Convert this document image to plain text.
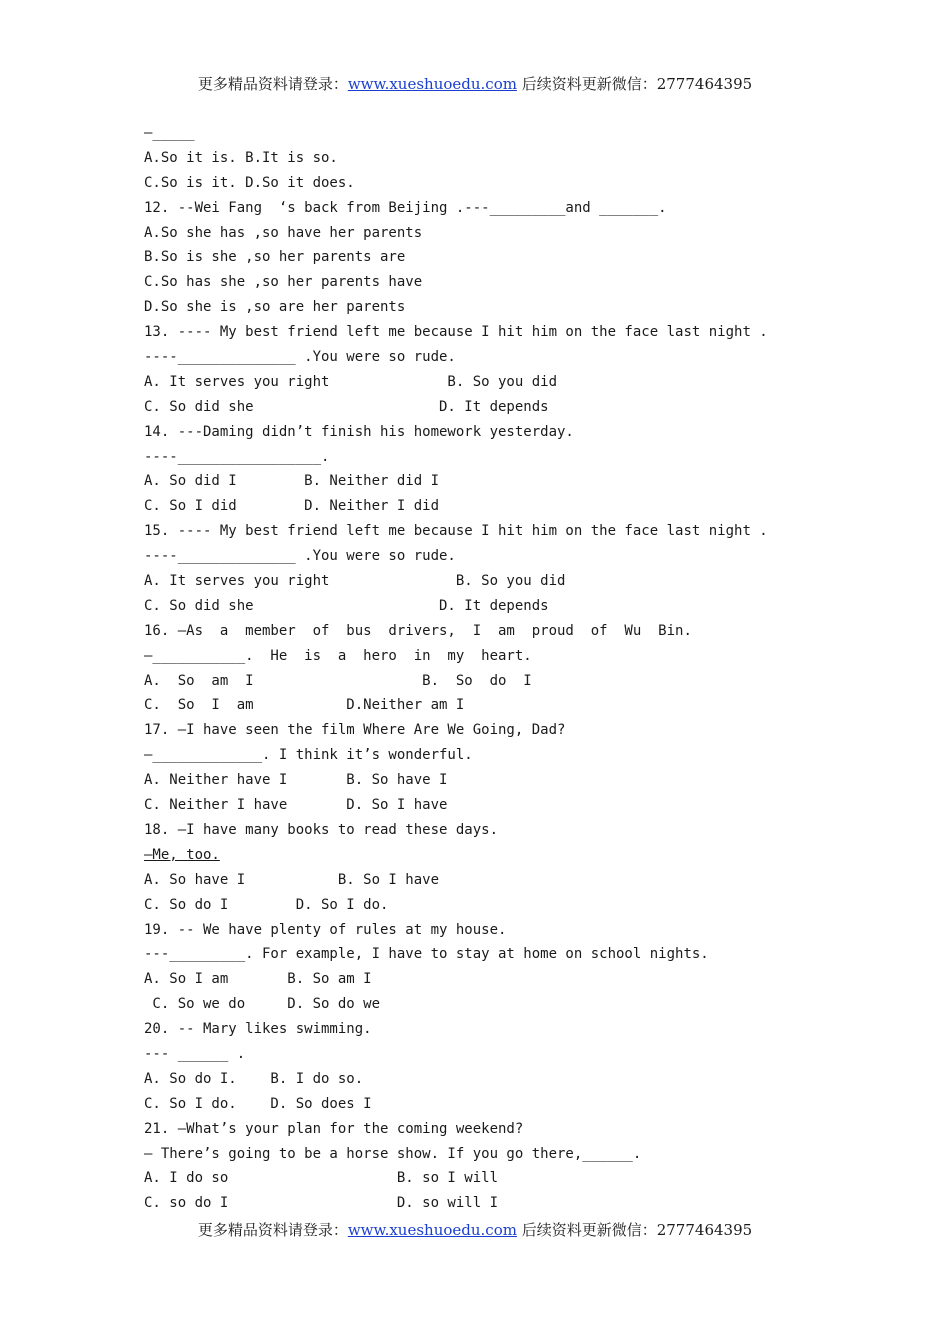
更多精品资料请登录：www.xueshuoedu.com 后续资料更新微信：2777464395
—_____
A.So it is. B.It is so.
C.So is it. D.So it does.
12. --Wei Fang  ‘s back from Beijing .---_________and _______.
A.So she has ,so have her parents
B.So is she ,so her parents are
C.So has she ,so her parents have
D.So she is ,so are her parents
13. ---- My best friend left me because I hit him on the face last night .
----______________ .You were so rude.
A. It serves you right              B. So you did
C. So did she                      D. It depends
14. ---Daming didn’t finish his homework yesterday.
----_________________.
A. So did I        B. Neither did I
C. So I did        D. Neither I did
15. ---- My best friend left me because I hit him on the face last night .
----______________ .You were so rude.
A. It serves you right               B. So you did
C. So did she                      D. It depends
16. —As  a  member  of  bus  drivers,  I  am  proud  of  Wu  Bin.
—___________.  He  is  a  hero  in  my  heart.
A.  So  am  I                    B.  So  do  I
C.  So  I  am           D.Neither am I
17. —I have seen the film Where Are We Going, Dad?
—_____________. I think it’s wonderful.
A. Neither have I       B. So have I
C. Neither I have       D. So I have
18. —I have many books to read these days.
—Me, too.
A. So have I           B. So I have
C. So do I        D. So I do.
19. -- We have plenty of rules at my house.
---_________. For example, I have to stay at home on school nights.
A. So I am       B. So am I
C. So we do     D. So do we
20. -- Mary likes swimming.
--- ______ .
A. So do I.    B. I do so.
C. So I do.    D. So does I
21. —What’s your plan for the coming weekend?
— There’s going to be a horse show. If you go there,______.
A. I do so                    B. so I will
C. so do I                    D. so will I
更多精品资料请登录：www.xueshuoedu.com 后续资料更新微信：2777464395
